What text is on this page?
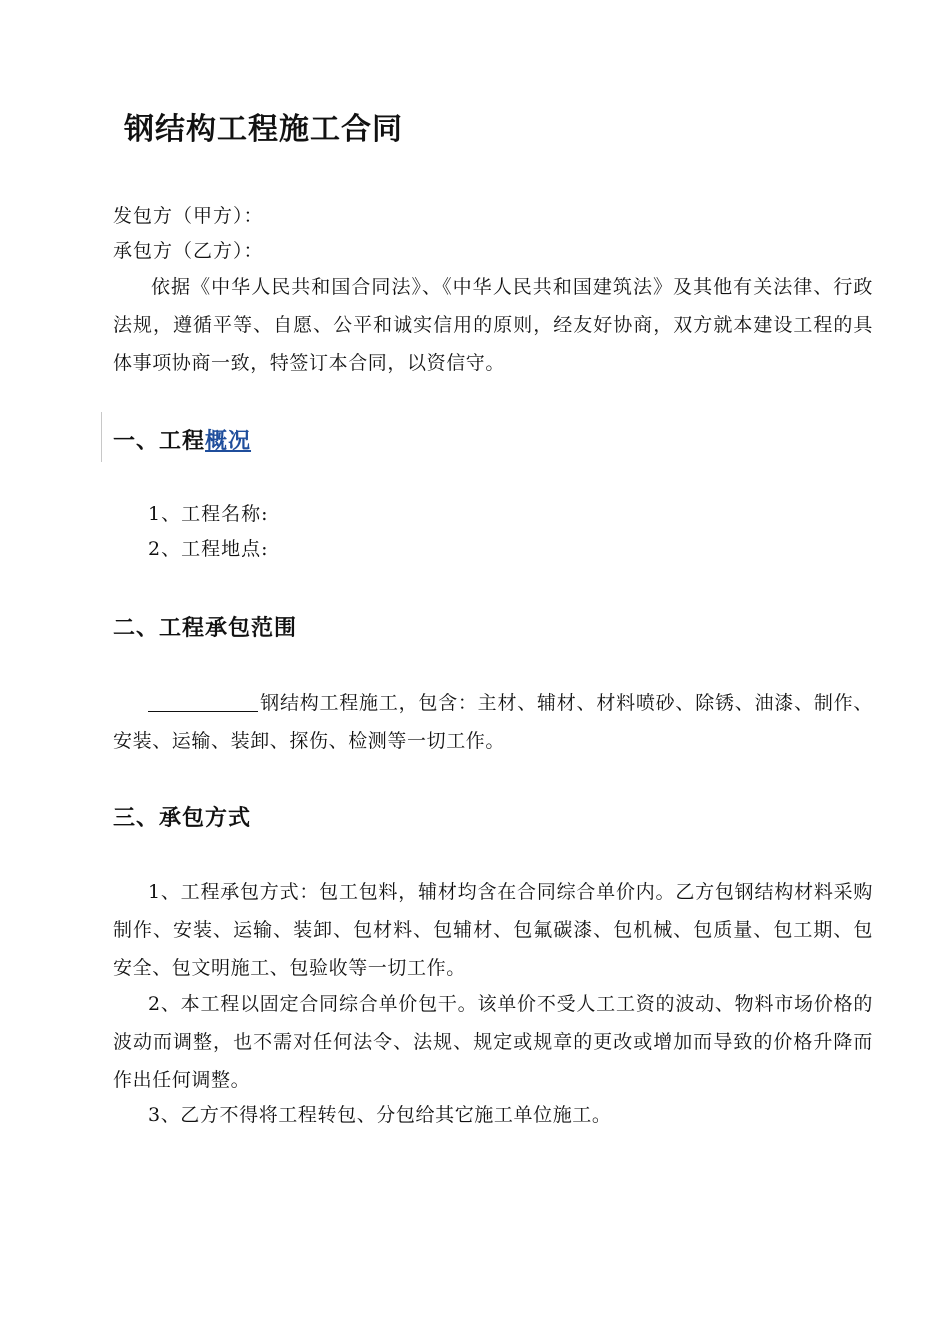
钢结构工程施工合同
发包方（甲方）：
承包方（乙方）：
依据《中华人民共和国合同法》、《中华人民共和国建筑法》及其他有关法律、行政法规，遵循平等、自愿、公平和诚实信用的原则，经友好协商，双方就本建设工程的具体事项协商一致，特签订本合同，以资信守。
一、工程概况
1、工程名称:
2、工程地点:
二、工程承包范围
钢结构工程施工，包含：主材、辅材、材料喷砂、除锈、油漆、制作、安装、运输、装卸、探伤、检测等一切工作。
三、承包方式
1、工程承包方式：包工包料，辅材均含在合同综合单价内。乙方包钢结构材料采购制作、安装、运输、装卸、包材料、包辅材、包氟碳漆、包机械、包质量、包工期、包安全、包文明施工、包验收等一切工作。
2、本工程以固定合同综合单价包干。该单价不受人工工资的波动、物料市场价格的波动而调整，也不需对任何法令、法规、规定或规章的更改或增加而导致的价格升降而作出任何调整。
3、乙方不得将工程转包、分包给其它施工单位施工。
